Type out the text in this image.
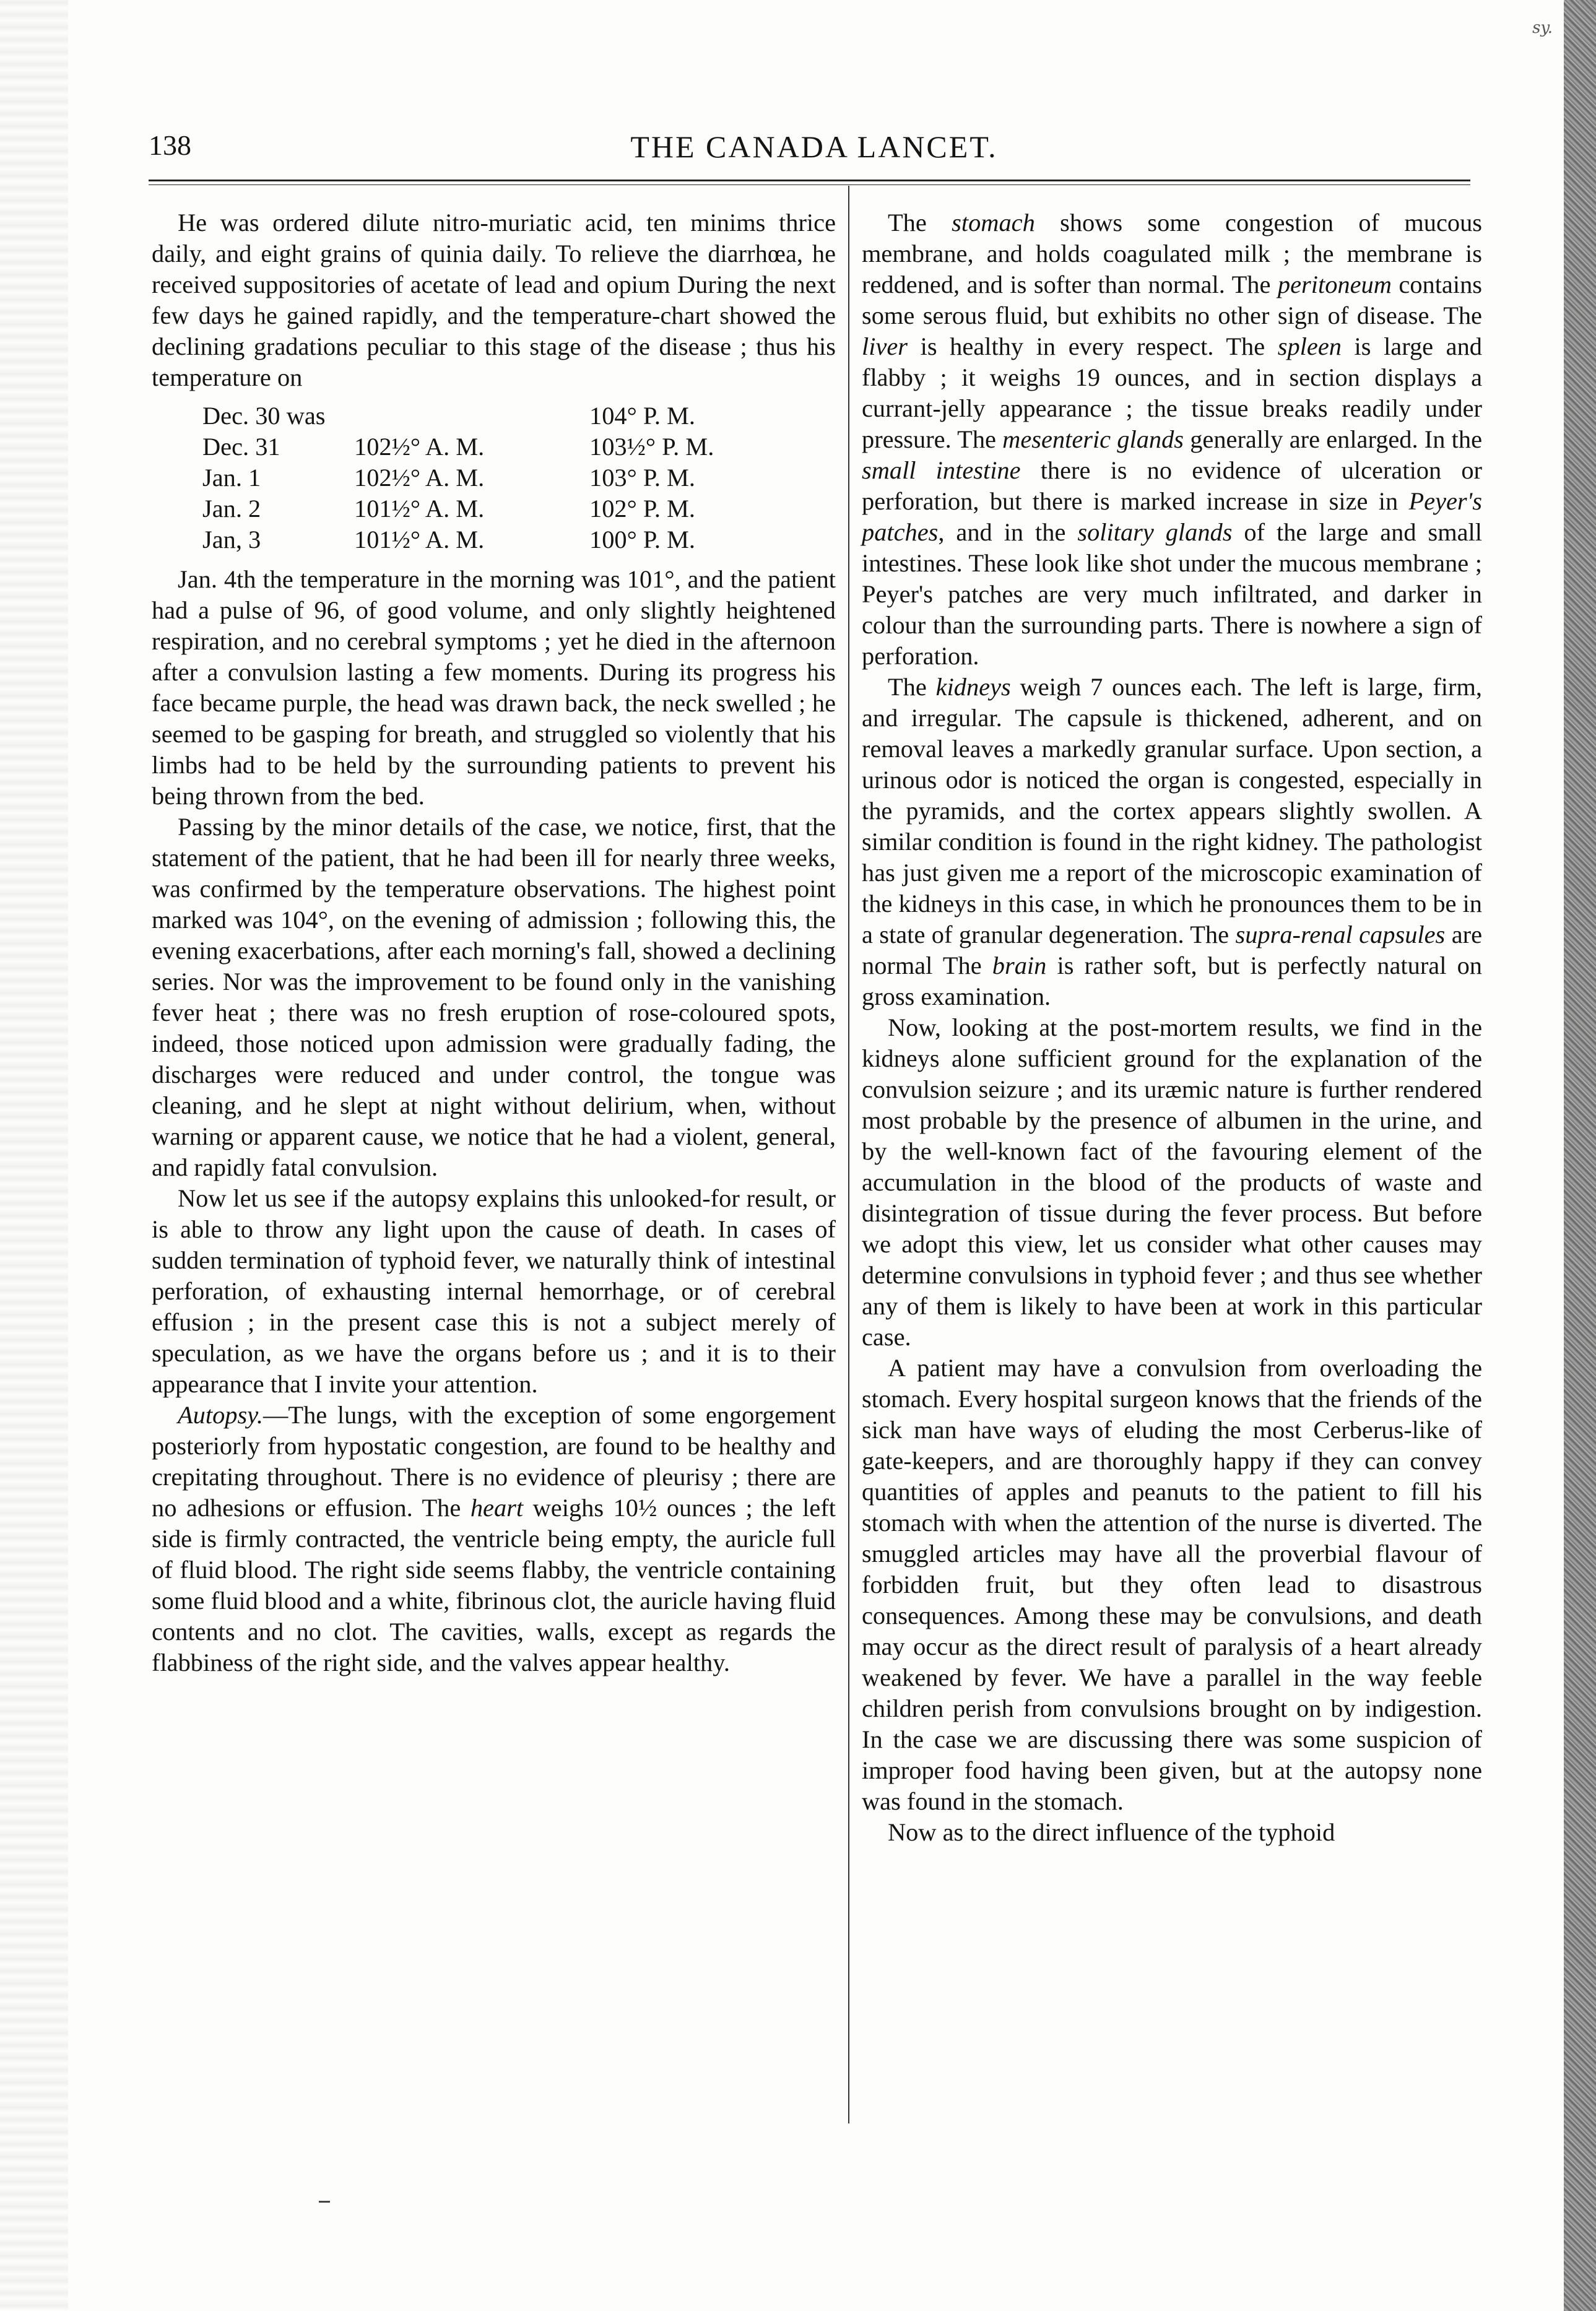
sy.
138	THE CANADA LANCET.

He was ordered dilute nitro-muriatic acid, ten minims thrice daily, and eight grains of quinia daily. To relieve the diarrhœa, he received suppositories of acetate of lead and opium During the next few days he gained rapidly, and the temperature-chart showed the declining gradations peculiar to this stage of the disease ; thus his temperature on

Dec. 30 was		104° P. M.
Dec. 31	102½° A. M.	103½° P. M.
Jan. 1	102½° A. M.	103° P. M.
Jan. 2	101½° A. M.	102° P. M.
Jan, 3	101½° A. M.	100° P. M.

Jan. 4th the temperature in the morning was 101°, and the patient had a pulse of 96, of good volume, and only slightly heightened respiration, and no cerebral symptoms ; yet he died in the afternoon after a convulsion lasting a few moments. During its progress his face became purple, the head was drawn back, the neck swelled ; he seemed to be gasping for breath, and struggled so violently that his limbs had to be held by the surrounding patients to prevent his being thrown from the bed.

Passing by the minor details of the case, we notice, first, that the statement of the patient, that he had been ill for nearly three weeks, was confirmed by the temperature observations. The highest point marked was 104°, on the evening of admission ; following this, the evening exacerbations, after each morning's fall, showed a declining series. Nor was the improvement to be found only in the vanishing fever heat ; there was no fresh eruption of rose-coloured spots, indeed, those noticed upon admission were gradually fading, the discharges were reduced and under control, the tongue was cleaning, and he slept at night without delirium, when, without warning or apparent cause, we notice that he had a violent, general, and rapidly fatal convulsion.

Now let us see if the autopsy explains this unlooked-for result, or is able to throw any light upon the cause of death. In cases of sudden termination of typhoid fever, we naturally think of intestinal perforation, of exhausting internal hemorrhage, or of cerebral effusion ; in the present case this is not a subject merely of speculation, as we have the organs before us ; and it is to their appearance that I invite your attention.

Autopsy.—The lungs, with the exception of some engorgement posteriorly from hypostatic congestion, are found to be healthy and crepitating throughout. There is no evidence of pleurisy ; there are no adhesions or effusion. The heart weighs 10½ ounces ; the left side is firmly contracted, the ventricle being empty, the auricle full of fluid blood. The right side seems flabby, the ventricle containing some fluid blood and a white, fibrinous clot, the auricle having fluid contents and no clot. The cavities, walls, except as regards the flabbiness of the right side, and the valves appear healthy.

The stomach shows some congestion of mucous membrane, and holds coagulated milk ; the membrane is reddened, and is softer than normal. The peritoneum contains some serous fluid, but exhibits no other sign of disease. The liver is healthy in every respect. The spleen is large and flabby ; it weighs 19 ounces, and in section displays a currant-jelly appearance ; the tissue breaks readily under pressure. The mesenteric glands generally are enlarged. In the small intestine there is no evidence of ulceration or perforation, but there is marked increase in size in Peyer's patches, and in the solitary glands of the large and small intestines. These look like shot under the mucous membrane ; Peyer's patches are very much infiltrated, and darker in colour than the surrounding parts. There is nowhere a sign of perforation.

The kidneys weigh 7 ounces each. The left is large, firm, and irregular. The capsule is thickened, adherent, and on removal leaves a markedly granular surface. Upon section, a urinous odor is noticed the organ is congested, especially in the pyramids, and the cortex appears slightly swollen. A similar condition is found in the right kidney. The pathologist has just given me a report of the microscopic examination of the kidneys in this case, in which he pronounces them to be in a state of granular degeneration. The supra-renal capsules are normal The brain is rather soft, but is perfectly natural on gross examination.

Now, looking at the post-mortem results, we find in the kidneys alone sufficient ground for the explanation of the convulsion seizure ; and its uræmic nature is further rendered most probable by the presence of albumen in the urine, and by the well-known fact of the favouring element of the accumulation in the blood of the products of waste and disintegration of tissue during the fever process. But before we adopt this view, let us consider what other causes may determine convulsions in typhoid fever ; and thus see whether any of them is likely to have been at work in this particular case.

A patient may have a convulsion from overloading the stomach. Every hospital surgeon knows that the friends of the sick man have ways of eluding the most Cerberus-like of gate-keepers, and are thoroughly happy if they can convey quantities of apples and peanuts to the patient to fill his stomach with when the attention of the nurse is diverted. The smuggled articles may have all the proverbial flavour of forbidden fruit, but they often lead to disastrous consequences. Among these may be convulsions, and death may occur as the direct result of paralysis of a heart already weakened by fever. We have a parallel in the way feeble children perish from convulsions brought on by indigestion. In the case we are discussing there was some suspicion of improper food having been given, but at the autopsy none was found in the stomach.

Now as to the direct influence of the typhoid
